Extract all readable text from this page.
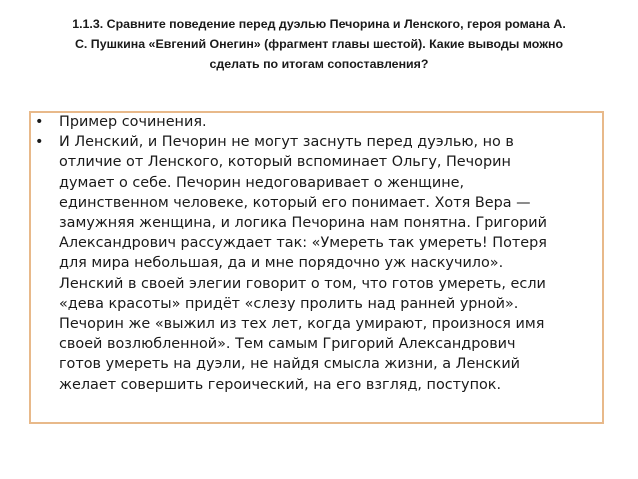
1.1.3. Сравните поведение перед дуэлью Печорина и Ленского, героя романа А.
С. Пушкина «Евгений Онегин» (фрагмент главы шестой). Какие выводы можно
сделать по итогам сопоставления?
• Пример сочинения.
• И Ленский, и Печорин не могут заснуть перед дуэлью, но в
отличие от Ленского, который вспоминает Ольгу, Печорин
думает о себе. Печорин недоговаривает о женщине,
единственном человеке, который его понимает. Хотя Вера —
замужняя женщина, и логика Печорина нам понятна. Григорий
Александрович рассуждает так: «Умереть так умереть! Потеря
для мира небольшая, да и мне порядочно уж наскучило».
Ленский в своей элегии говорит о том, что готов умереть, если
«дева красоты» придёт «слезу пролить над ранней урной».
Печорин же «выжил из тех лет, когда умирают, произнося имя
своей возлюбленной». Тем самым Григорий Александрович
готов умереть на дуэли, не найдя смысла жизни, а Ленский
желает совершить героический, на его взгляд, поступок.
